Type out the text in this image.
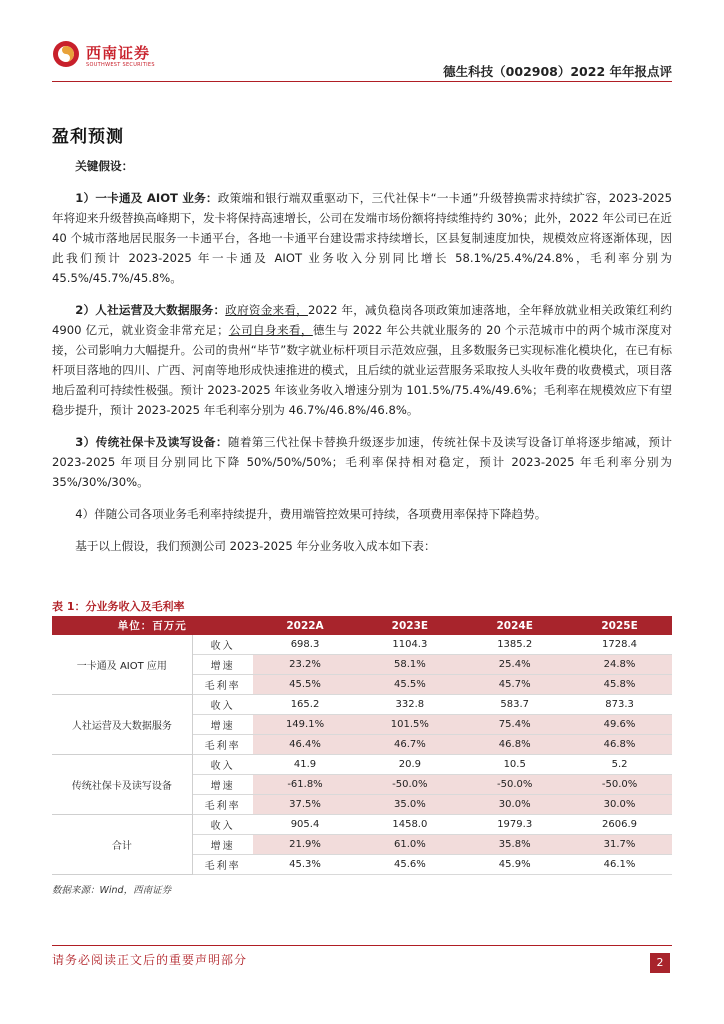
西南证券
SOUTHWEST SECURITIES	德生科技（002908）2022 年年报点评
盈利预测

关键假设：

1）一卡通及 AIOT 业务：政策端和银行端双重驱动下，三代社保卡“一卡通”升级替换需求持续扩容，2023-2025 年将迎来升级替换高峰期下，发卡将保持高速增长，公司在发端市场份额将持续维持约 30%；此外，2022 年公司已在近 40 个城市落地居民服务一卡通平台，各地一卡通平台建设需求持续增长，区县复制速度加快，规模效应将逐渐体现，因此我们预计 2023-2025 年一卡通及 AIOT 业务收入分别同比增长 58.1%/25.4%/24.8%，毛利率分别为 45.5%/45.7%/45.8%。

2）人社运营及大数据服务：政府资金来看，2022 年，减负稳岗各项政策加速落地，全年释放就业相关政策红利约 4900 亿元，就业资金非常充足；公司自身来看，德生与 2022 年公共就业服务的 20 个示范城市中的两个城市深度对接，公司影响力大幅提升。公司的贵州“毕节”数字就业标杆项目示范效应强，且多数服务已实现标准化模块化，在已有标杆项目落地的四川、广西、河南等地形成快速推进的模式，且后续的就业运营服务采取按人头收年费的收费模式，项目落地后盈利可持续性极强。预计 2023-2025 年该业务收入增速分别为 101.5%/75.4%/49.6%；毛利率在规模效应下有望稳步提升，预计 2023-2025 年毛利率分别为 46.7%/46.8%/46.8%。

3）传统社保卡及读写设备：随着第三代社保卡替换升级逐步加速，传统社保卡及读写设备订单将逐步缩减，预计 2023-2025 年项目分别同比下降 50%/50%/50%；毛利率保持相对稳定，预计 2023-2025 年毛利率分别为 35%/30%/30%。

4）伴随公司各项业务毛利率持续提升，费用端管控效果可持续，各项费用率保持下降趋势。

基于以上假设，我们预测公司 2023-2025 年分业务收入成本如下表：

表 1：分业务收入及毛利率
单位：百万元		2022A	2023E	2024E	2025E
一卡通及 AIOT 应用	收入	698.3	1104.3	1385.2	1728.4
	增速	23.2%	58.1%	25.4%	24.8%
	毛利率	45.5%	45.5%	45.7%	45.8%
人社运营及大数据服务	收入	165.2	332.8	583.7	873.3
	增速	149.1%	101.5%	75.4%	49.6%
	毛利率	46.4%	46.7%	46.8%	46.8%
传统社保卡及读写设备	收入	41.9	20.9	10.5	5.2
	增速	-61.8%	-50.0%	-50.0%	-50.0%
	毛利率	37.5%	35.0%	30.0%	30.0%
合计	收入	905.4	1458.0	1979.3	2606.9
	增速	21.9%	61.0%	35.8%	31.7%
	毛利率	45.3%	45.6%	45.9%	46.1%
数据来源：Wind，西南证券
请务必阅读正文后的重要声明部分	2
